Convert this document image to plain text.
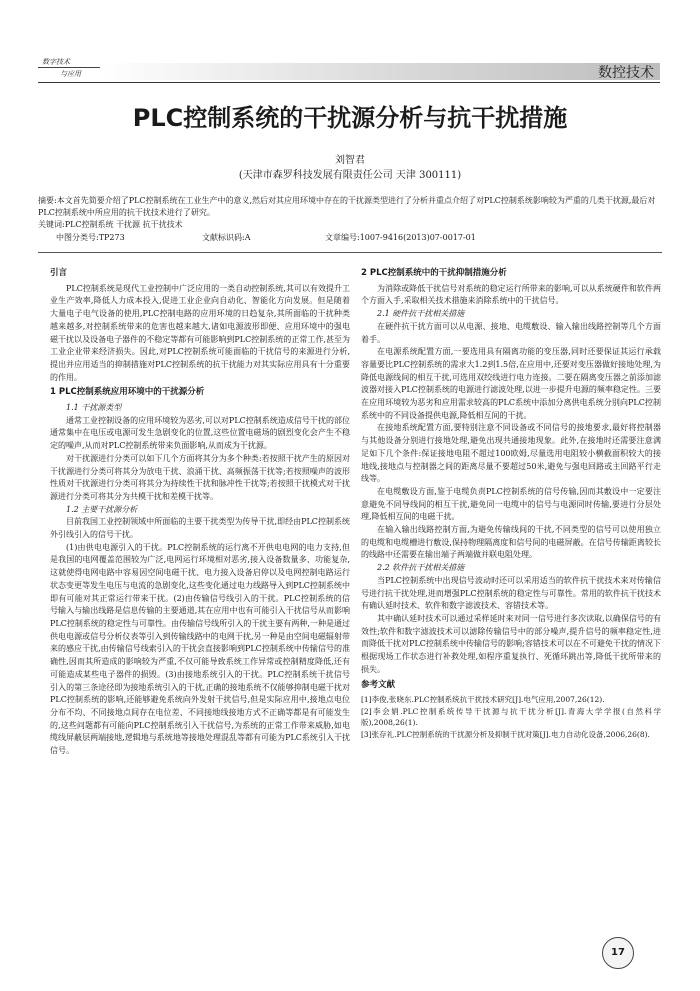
数字技术
与应用	数控技术
PLC控制系统的干扰源分析与抗干扰措施
刘智君
(天津市森罗科技发展有限责任公司 天津 300111)
摘要:本文首先简要介绍了PLC控制系统在工业生产中的意义,然后对其应用环境中存在的干扰源类型进行了分析并重点介绍了对PLC控制系统影响较为严重的几类干扰源,最后对PLC控制系统中所应用的抗干扰技术进行了研究。
关键词:PLC控制系统 干扰源 抗干扰技术
中图分类号:TP273	文献标识码:A	文章编号:1007-9416(2013)07-0017-01
引言

PLC控制系统是现代工业控制中广泛应用的一类自动控制系统,其可以有效提升工业生产效率,降低人力成本投入,促进工业企业向自动化、智能化方向发展。但是随着大量电子电气设备的使用,PLC控制电路的应用环境的日趋复杂,其所面临的干扰种类越来越多,对控制系统带来的危害也越来越大,诸如电源波形即便、应用环境中的强电磁干扰以及设备电子器件的不稳定等都有可能影响到PLC控制系统的正常工作,甚至为工业企业带来经济损失。因此,对PLC控制系统可能面临的干扰信号的来源进行分析,提出并应用适当的抑制措施对PLC控制系统的抗干扰能力对其实际应用具有十分重要的作用。

1 PLC控制系统应用环境中的干扰源分析
1.1 干扰源类型

通常工业控制设备的应用环境较为恶劣,可以对PLC控制系统造成信号干扰的部位通常集中在电压或电源可发生急剧变化的位置,这些位置电磁场的剧烈变化会产生不稳定的噪声,从而对PLC控制系统带来负面影响,从而成为干扰源。

对干扰源进行分类可以如下几个方面将其分为多个种类:若按照干扰产生的原因对干扰源进行分类可将其分为放电干扰、浪涌干扰、高频振荡干扰等;若按照噪声的波形性质对干扰源进行分类可将其分为持续性干扰和脉冲性干扰等;若按照干扰模式对干扰源进行分类可将其分为共模干扰和差模干扰等。

1.2 主要干扰源分析

目前我国工业控制领域中所面临的主要干扰类型为传导干扰,即经由PLC控制系统外引线引入的信号干扰。

(1)由供电电源引入的干扰。PLC控制系统的运行离不开供电电网的电力支持,但是我国的电网覆盖范围较为广泛,电网运行环境相对恶劣,接入设备数量多、功能复杂,这就使得电网电路中容易因空间电磁干扰、电力接入设备启停以及电网控制电路运行状态变更等发生电压与电流的急剧变化,这些变化通过电力线路导入到PLC控制系统中即有可能对其正常运行带来干扰。(2)由传输信号线引入的干扰。PLC控制系统的信号输入与输出线路是信息传输的主要通道,其在应用中也有可能引入干扰信号从而影响PLC控制系统的稳定性与可靠性。由传输信号线所引入的干扰主要有两种,一种是通过供电电源或信号分析仪表等引入到传输线路中的电网干扰,另一种是由空间电磁辐射带来的感应干扰,由传输信号线索引入的干扰会直接影响到PLC控制系统中传输信号的准确性,因而其所造成的影响较为严重,不仅可能导致系统工作异常或控制精度降低,还有可能造成某些电子器件的损毁。(3)由接地系统引入的干扰。PLC控制系统干扰信号引入的第三条途径即为接地系统引入的干扰,正确的接地系统不仅能够抑制电磁干扰对PLC控制系统的影响,还能够避免系统向外发射干扰信号,但是实际应用中,接地点电位分布不均、不同接地点间存在电位差、不同接地线接地方式不正确等都是有可能发生的,这些问题都有可能向PLC控制系统引入干扰信号,为系统的正常工作带来威胁,如电缆线屏蔽层两端接地,逻辑地与系统地等接地处理混乱等都有可能为PLC系统引入干扰信号。

2 PLC控制系统中的干扰抑制措施分析

为消除或降低干扰信号对系统的稳定运行所带来的影响,可以从系统硬件和软件两个方面入手,采取相关技术措施来消除系统中的干扰信号。

2.1 硬件抗干扰相关措施

在硬件抗干扰方面可以从电源、接地、电缆敷设、输入输出线路控制等几个方面着手。

在电源系统配置方面,一要选用具有隔离功能的变压器,同时还要保证其运行承载容量要比PLC控制系统的需求大1.2到1.5倍,在应用中,还要对变压器做好接地处理,为降低电源线间的相互干扰,可选用双绞线进行电力连接。二要在隔离变压器之前添加滤波器对接入PLC控制系统的电源进行滤波处理,以进一步提升电源的频率稳定性。三要在应用环境较为恶劣和应用需求较高的PLC系统中添加分离供电系统分别向PLC控制系统中的不同设备提供电源,降低相互间的干扰。

在接地系统配置方面,要特别注意不同设备或不同信号的接地要求,最好将控制器与其他设备分别进行接地处理,避免出现共通接地现象。此外,在接地时还需要注意满足如下几个条件:保证接地电阻不超过100欧姆,尽量选用电阻较小横截面积较大的接地线,接地点与控制器之间的距离尽量不要超过50米,避免与强电回路或主回路平行走线等。

在电缆敷设方面,鉴于电缆负责PLC控制系统的信号传输,因而其敷设中一定要注意避免不同导线间的相互干扰,避免同一电缆中的信号与电源同时传输,要进行分层处理,降低相互间的电磁干扰。

在输入输出线路控制方面,为避免传输线间的干扰,不同类型的信号可以使用独立的电缆和电缆槽进行敷设,保持物理隔离度和信号间的电磁屏蔽。在信号传输距离较长的线路中还需要在输出端子两端做并联电阻处理。

2.2 软件抗干扰相关措施

当PLC控制系统中出现信号波动时还可以采用适当的软件抗干扰技术来对传输信号进行抗干扰处理,进而增强PLC控制系统的稳定性与可靠性。常用的软件抗干扰技术有确认延时技术、软件和数字滤波技术、容错技术等。

其中确认延时技术可以通过采样延时来对同一信号进行多次读取,以确保信号的有效性;软件和数字滤波技术可以滤除传输信号中的部分噪声,提升信号的频率稳定性,进而降低干扰对PLC控制系统中传输信号的影响;容错技术可以在不可避免干扰的情况下根据现场工作状态进行补救处理,如程序重复执行、死循环跳出等,降低干扰所带来的损失。

参考文献

[1]李俊,张晓东.PLC控制系统抗干扰技术研究[J].电气应用,2007,26(12).

[2]李会娟.PLC控制系统传导干扰源与抗干扰分析[J].青海大学学报(自然科学版),2008,26(1).

[3]张存礼.PLC控制系统的干扰源分析及抑制干扰对策[J].电力自动化设备,2006,26(8).

17
